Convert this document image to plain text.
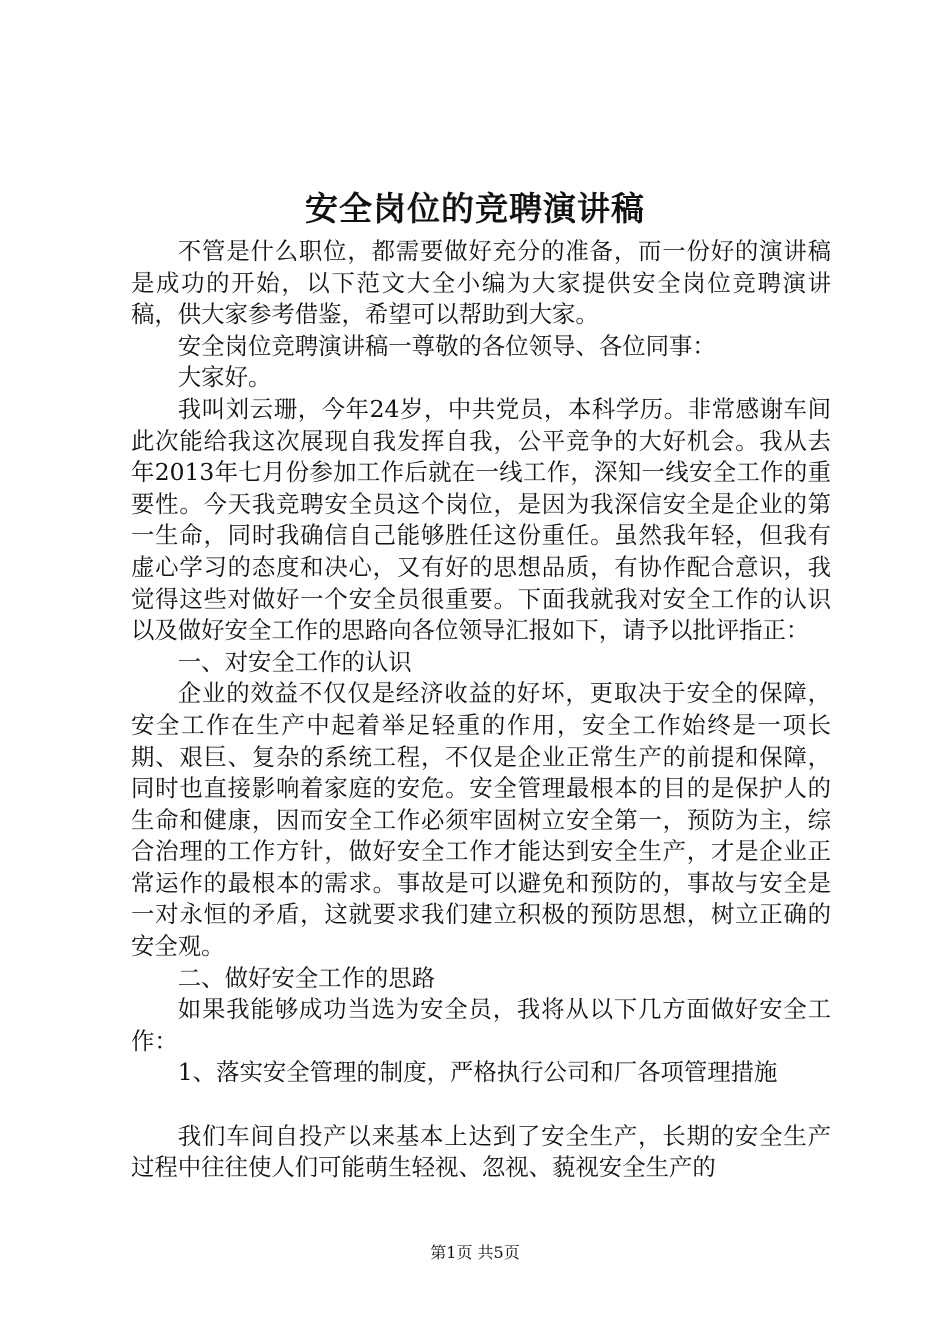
安全岗位的竞聘演讲稿

不管是什么职位，都需要做好充分的准备，而一份好的演讲稿是成功的开始，以下范文大全小编为大家提供安全岗位竞聘演讲稿，供大家参考借鉴，希望可以帮助到大家。

安全岗位竞聘演讲稿一尊敬的各位领导、各位同事：

大家好。

我叫刘云珊，今年24岁，中共党员，本科学历。非常感谢车间此次能给我这次展现自我发挥自我，公平竞争的大好机会。我从去年2013年七月份参加工作后就在一线工作，深知一线安全工作的重要性。今天我竞聘安全员这个岗位，是因为我深信安全是企业的第一生命，同时我确信自己能够胜任这份重任。虽然我年轻，但我有虚心学习的态度和决心，又有好的思想品质，有协作配合意识，我觉得这些对做好一个安全员很重要。下面我就我对安全工作的认识以及做好安全工作的思路向各位领导汇报如下，请予以批评指正：

一、对安全工作的认识

企业的效益不仅仅是经济收益的好坏，更取决于安全的保障，安全工作在生产中起着举足轻重的作用，安全工作始终是一项长期、艰巨、复杂的系统工程，不仅是企业正常生产的前提和保障，同时也直接影响着家庭的安危。安全管理最根本的目的是保护人的生命和健康，因而安全工作必须牢固树立安全第一，预防为主，综合治理的工作方针，做好安全工作才能达到安全生产，才是企业正常运作的最根本的需求。事故是可以避免和预防的，事故与安全是一对永恒的矛盾，这就要求我们建立积极的预防思想，树立正确的安全观。

二、做好安全工作的思路

如果我能够成功当选为安全员，我将从以下几方面做好安全工作：

1、落实安全管理的制度，严格执行公司和厂各项管理措施

我们车间自投产以来基本上达到了安全生产，长期的安全生产过程中往往使人们可能萌生轻视、忽视、藐视安全生产的

第1页 共5页
